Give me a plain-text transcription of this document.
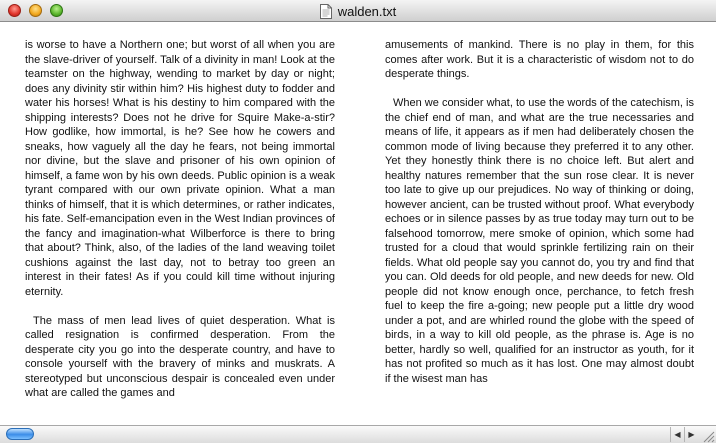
walden.txt

is worse to have a Northern one; but worst of all when you are the slave-driver of yourself. Talk of a divinity in man! Look at the teamster on the highway, wending to market by day or night; does any divinity stir within him? His highest duty to fodder and water his horses! What is his destiny to him compared with the shipping interests? Does not he drive for Squire Make-a-stir? How godlike, how immortal, is he? See how he cowers and sneaks, how vaguely all the day he fears, not being immortal nor divine, but the slave and prisoner of his own opinion of himself, a fame won by his own deeds. Public opinion is a weak tyrant compared with our own private opinion. What a man thinks of himself, that it is which determines, or rather indicates, his fate. Self-emancipation even in the West Indian provinces of the fancy and imagination-what Wilberforce is there to bring that about? Think, also, of the ladies of the land weaving toilet cushions against the last day, not to betray too green an interest in their fates! As if you could kill time without injuring eternity.

The mass of men lead lives of quiet desperation. What is called resignation is confirmed desperation. From the desperate city you go into the desperate country, and have to console yourself with the bravery of minks and muskrats. A stereotyped but unconscious despair is concealed even under what are called the games and

amusements of mankind. There is no play in them, for this comes after work. But it is a characteristic of wisdom not to do desperate things.

When we consider what, to use the words of the catechism, is the chief end of man, and what are the true necessaries and means of life, it appears as if men had deliberately chosen the common mode of living because they preferred it to any other. Yet they honestly think there is no choice left. But alert and healthy natures remember that the sun rose clear. It is never too late to give up our prejudices. No way of thinking or doing, however ancient, can be trusted without proof. What everybody echoes or in silence passes by as true today may turn out to be falsehood tomorrow, mere smoke of opinion, which some had trusted for a cloud that would sprinkle fertilizing rain on their fields. What old people say you cannot do, you try and find that you can. Old deeds for old people, and new deeds for new. Old people did not know enough once, perchance, to fetch fresh fuel to keep the fire a-going; new people put a little dry wood under a pot, and are whirled round the globe with the speed of birds, in a way to kill old people, as the phrase is. Age is no better, hardly so well, qualified for an instructor as youth, for it has not profited so much as it has lost. One may almost doubt if the wisest man has

◀ ▶
